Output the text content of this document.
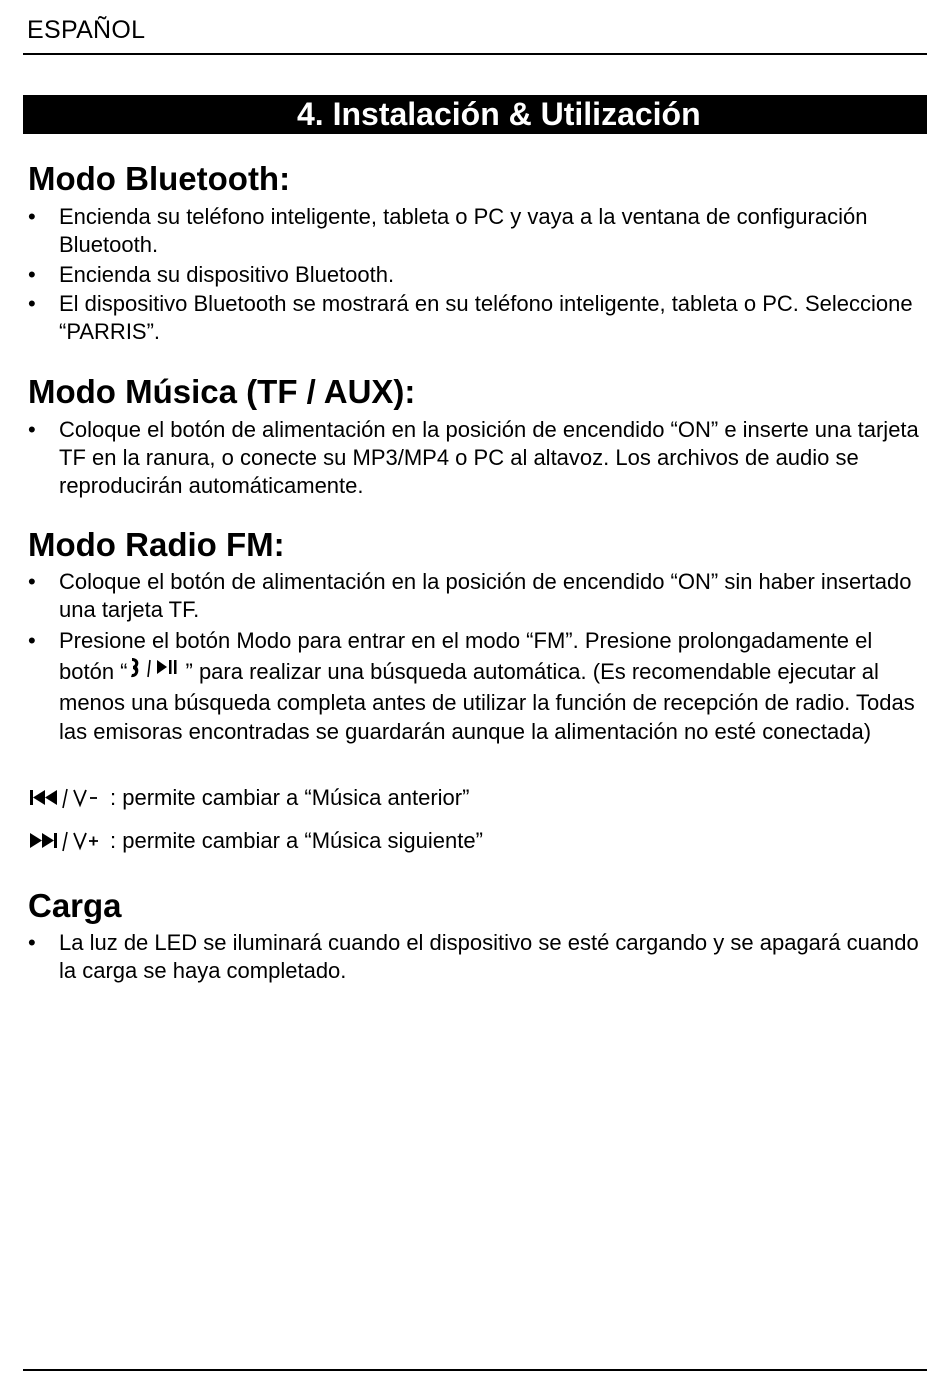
ESPAÑOL
4. Instalación & Utilización
Modo Bluetooth:
•	Encienda su teléfono inteligente, tableta o PC y vaya a la ventana de configuración Bluetooth.
•	Encienda su dispositivo Bluetooth.
•	El dispositivo Bluetooth se mostrará en su teléfono inteligente, tableta o PC. Seleccione “PARRIS”.
Modo Música (TF / AUX):
•	Coloque el botón de alimentación en la posición de encendido “ON” e inserte una tarjeta TF en la ranura, o conecte su MP3/MP4 o PC al altavoz. Los archivos de audio se reproducirán automáticamente.
Modo Radio FM:
•	Coloque el botón de alimentación en la posición de encendido “ON” sin haber insertado una tarjeta TF.
•	Presione el botón Modo para entrar en el modo “FM”. Presione prolongadamente el botón “	” para realizar una búsqueda automática. (Es recomendable ejecutar al menos una búsqueda completa antes de utilizar la función de recepción de radio. Todas las emisoras encontradas se guardarán aunque la alimentación no esté conectada)
: permite cambiar a “Música anterior”
: permite cambiar a “Música siguiente”
Carga
•	La luz de LED se iluminará cuando el dispositivo se esté cargando y se apagará cuando la carga se haya completado.
